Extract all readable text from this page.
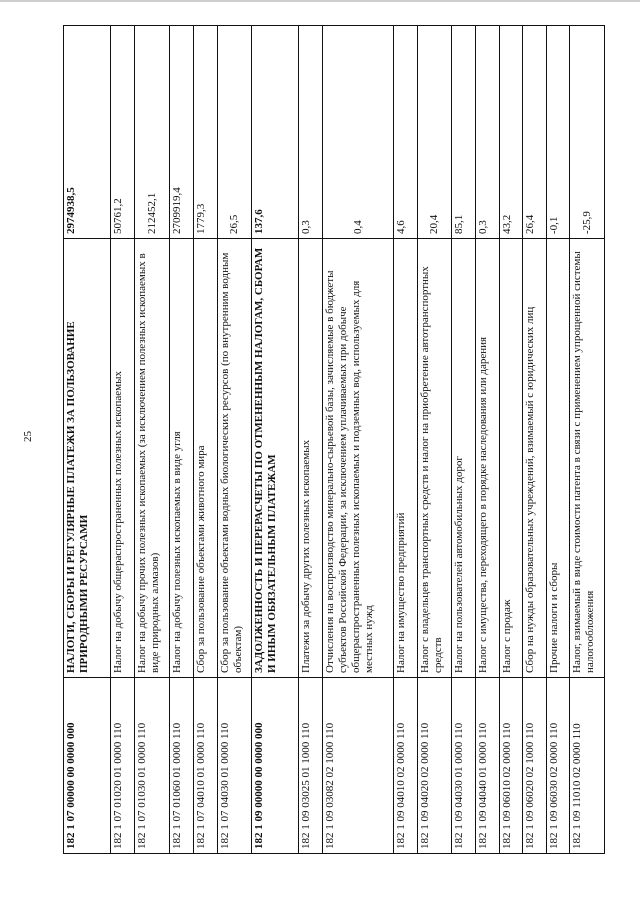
25
182 1 07 00000 00 0000 000	НАЛОГИ, СБОРЫ И РЕГУЛЯРНЫЕ ПЛАТЕЖИ ЗА ПОЛЬЗОВАНИЕ ПРИРОДНЫМИ РЕСУРСАМИ	2974938,5
182 1 07 01020 01 0000 110	Налог на добычу общераспространенных полезных ископаемых	50761,2
182 1 07 01030 01 0000 110	Налог на добычу прочих полезных ископаемых (за исключением полезных ископаемых в виде природных алмазов)	212452,1
182 1 07 01060 01 0000 110	Налог на добычу полезных ископаемых в виде угля	2709919,4
182 1 07 04010 01 0000 110	Сбор за пользование объектами животного мира	1779,3
182 1 07 04030 01 0000 110	Сбор за пользование объектами водных биологических ресурсов (по внутренним водным объектам)	26,5
182 1 09 00000 00 0000 000	ЗАДОЛЖЕННОСТЬ И ПЕРЕРАСЧЕТЫ ПО ОТМЕНЕННЫМ НАЛОГАМ, СБОРАМ И ИНЫМ ОБЯЗАТЕЛЬНЫМ ПЛАТЕЖАМ	137,6
182 1 09 03025 01 1000 110	Платежи за добычу других полезных ископаемых	0,3
182 1 09 03082 02 1000 110	Отчисления на воспроизводство минерально-сырьевой базы, зачисляемые в бюджеты субъектов Российской Федерации, за исключением уплачиваемых при добыче общераспространенных полезных ископаемых и подземных вод, используемых для местных нужд	0,4
182 1 09 04010 02 0000 110	Налог на имущество предприятий	4,6
182 1 09 04020 02 0000 110	Налог с владельцев транспортных средств и налог на приобретение автотранспортных средств	20,4
182 1 09 04030 01 0000 110	Налог на пользователей автомобильных дорог	85,1
182 1 09 04040 01 0000 110	Налог с имущества, переходящего в порядке наследования или дарения	0,3
182 1 09 06010 02 0000 110	Налог с продаж	43,2
182 1 09 06020 02 1000 110	Сбор на нужды образовательных учреждений, взимаемый с юридических лиц	26,4
182 1 09 06030 02 0000 110	Прочие налоги и сборы	-0,1
182 1 09 11010 02 0000 110	Налог, взимаемый в виде стоимости патента в связи с применением упрощенной системы налогообложения	-25,9
